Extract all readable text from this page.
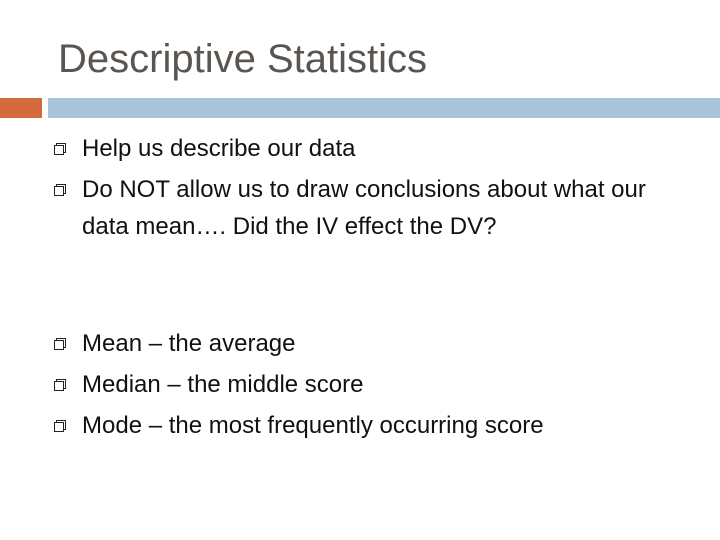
Descriptive Statistics
Help us describe our data
Do NOT allow us to draw conclusions about what our data mean…. Did the IV effect the DV?
Mean – the average
Median – the middle score
Mode – the most frequently occurring score
